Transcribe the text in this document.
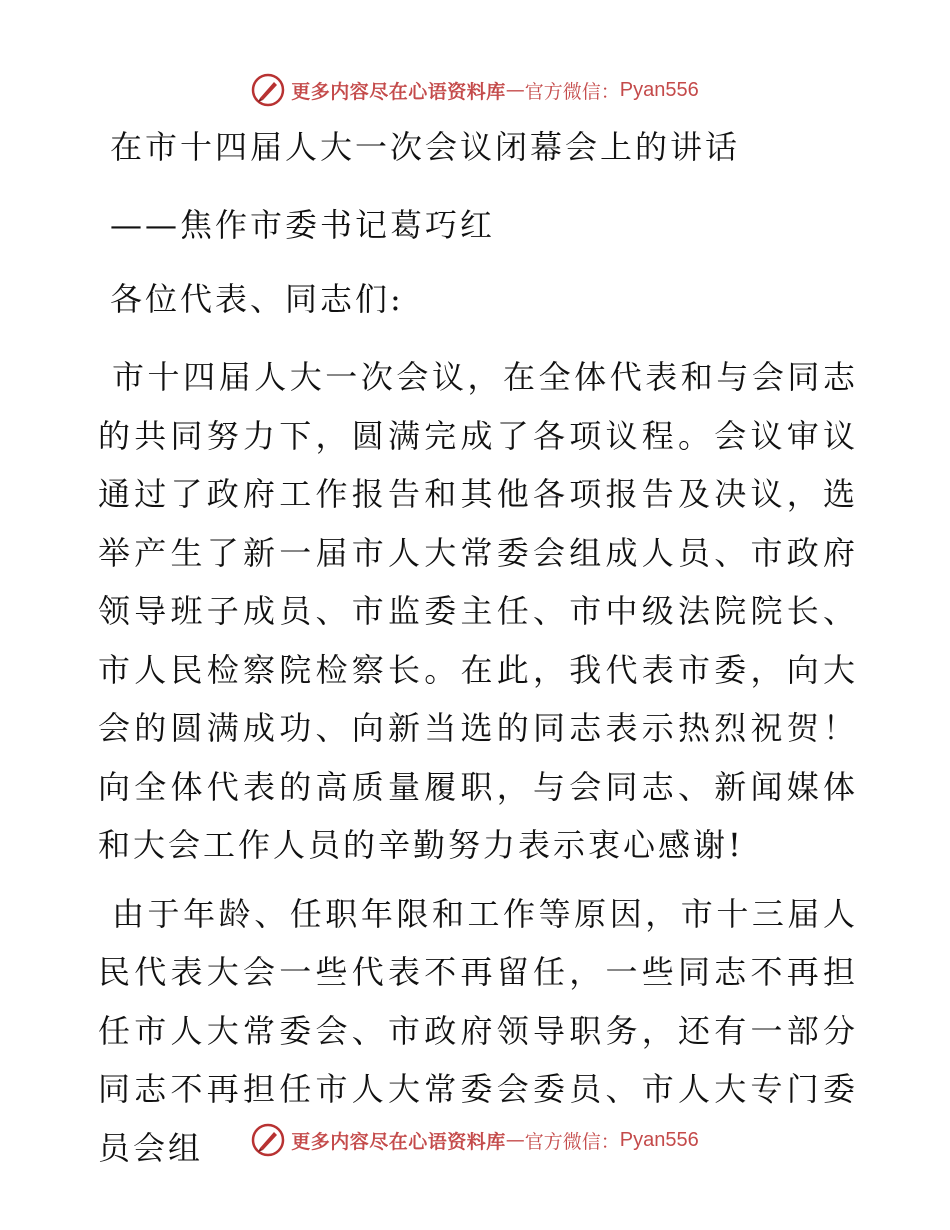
更多内容尽在心语资料库 — 官方微信： Pyan556

在市十四届人大一次会议闭幕会上的讲话

——焦作市委书记葛巧红

各位代表、同志们:

市十四届人大一次会议，在全体代表和与会同志的共同努力下，圆满完成了各项议程。会议审议通过了政府工作报告和其他各项报告及决议，选举产生了新一届市人大常委会组成人员、市政府领导班子成员、市监委主任、市中级法院院长、市人民检察院检察长。在此，我代表市委，向大会的圆满成功、向新当选的同志表示热烈祝贺！向全体代表的高质量履职，与会同志、新闻媒体和大会工作人员的辛勤努力表示衷心感谢!

由于年龄、任职年限和工作等原因，市十三届人民代表大会一些代表不再留任，一些同志不再担任市人大常委会、市政府领导职务，还有一部分同志不再担任市人大常委会委员、市人大专门委员会组	更多内容尽在心语资料库 — 官方微信： Pyan556
